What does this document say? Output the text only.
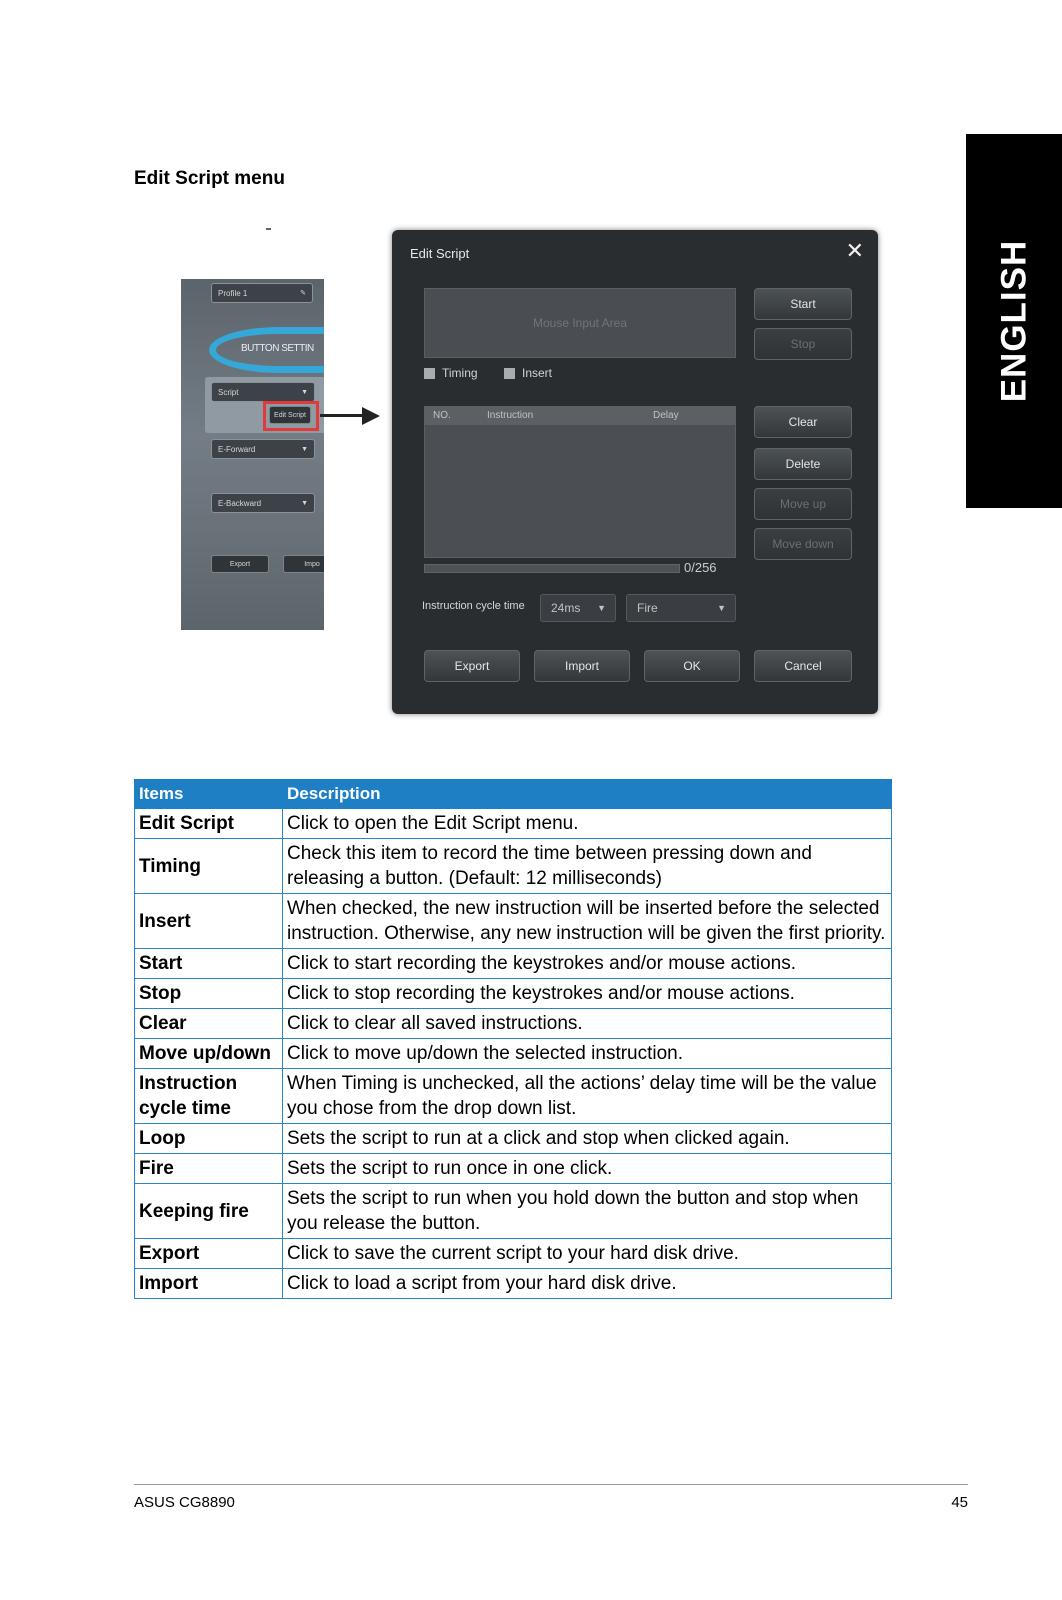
ENGLISH
Edit Script menu
Profile 1	✎
BUTTON SETTIN
Script	▼
Edit Script
E-Forward	▼
E-Backward	▼
Export	Impo
Edit Script	✕
Mouse Input Area
Timing	Insert
NO.	Instruction	Delay
0/256
Instruction cycle time	24ms ▼	Fire	▼
Start
Stop
Clear
Delete
Move up
Move down
Export	Import	OK	Cancel
Items	Description
Edit Script	Click to open the Edit Script menu.
Timing	Check this item to record the time between pressing down and releasing a button. (Default: 12 milliseconds)
Insert	When checked, the new instruction will be inserted before the selected instruction. Otherwise, any new instruction will be given the first priority.
Start	Click to start recording the keystrokes and/or mouse actions.
Stop	Click to stop recording the keystrokes and/or mouse actions.
Clear	Click to clear all saved instructions.
Move up/down	Click to move up/down the selected instruction.
Instruction cycle time	When Timing is unchecked, all the actions’ delay time will be the value you chose from the drop down list.
Loop	Sets the script to run at a click and stop when clicked again.
Fire	Sets the script to run once in one click.
Keeping fire	Sets the script to run when you hold down the button and stop when you release the button.
Export	Click to save the current script to your hard disk drive.
Import	Click to load a script from your hard disk drive.
ASUS CG8890	45
